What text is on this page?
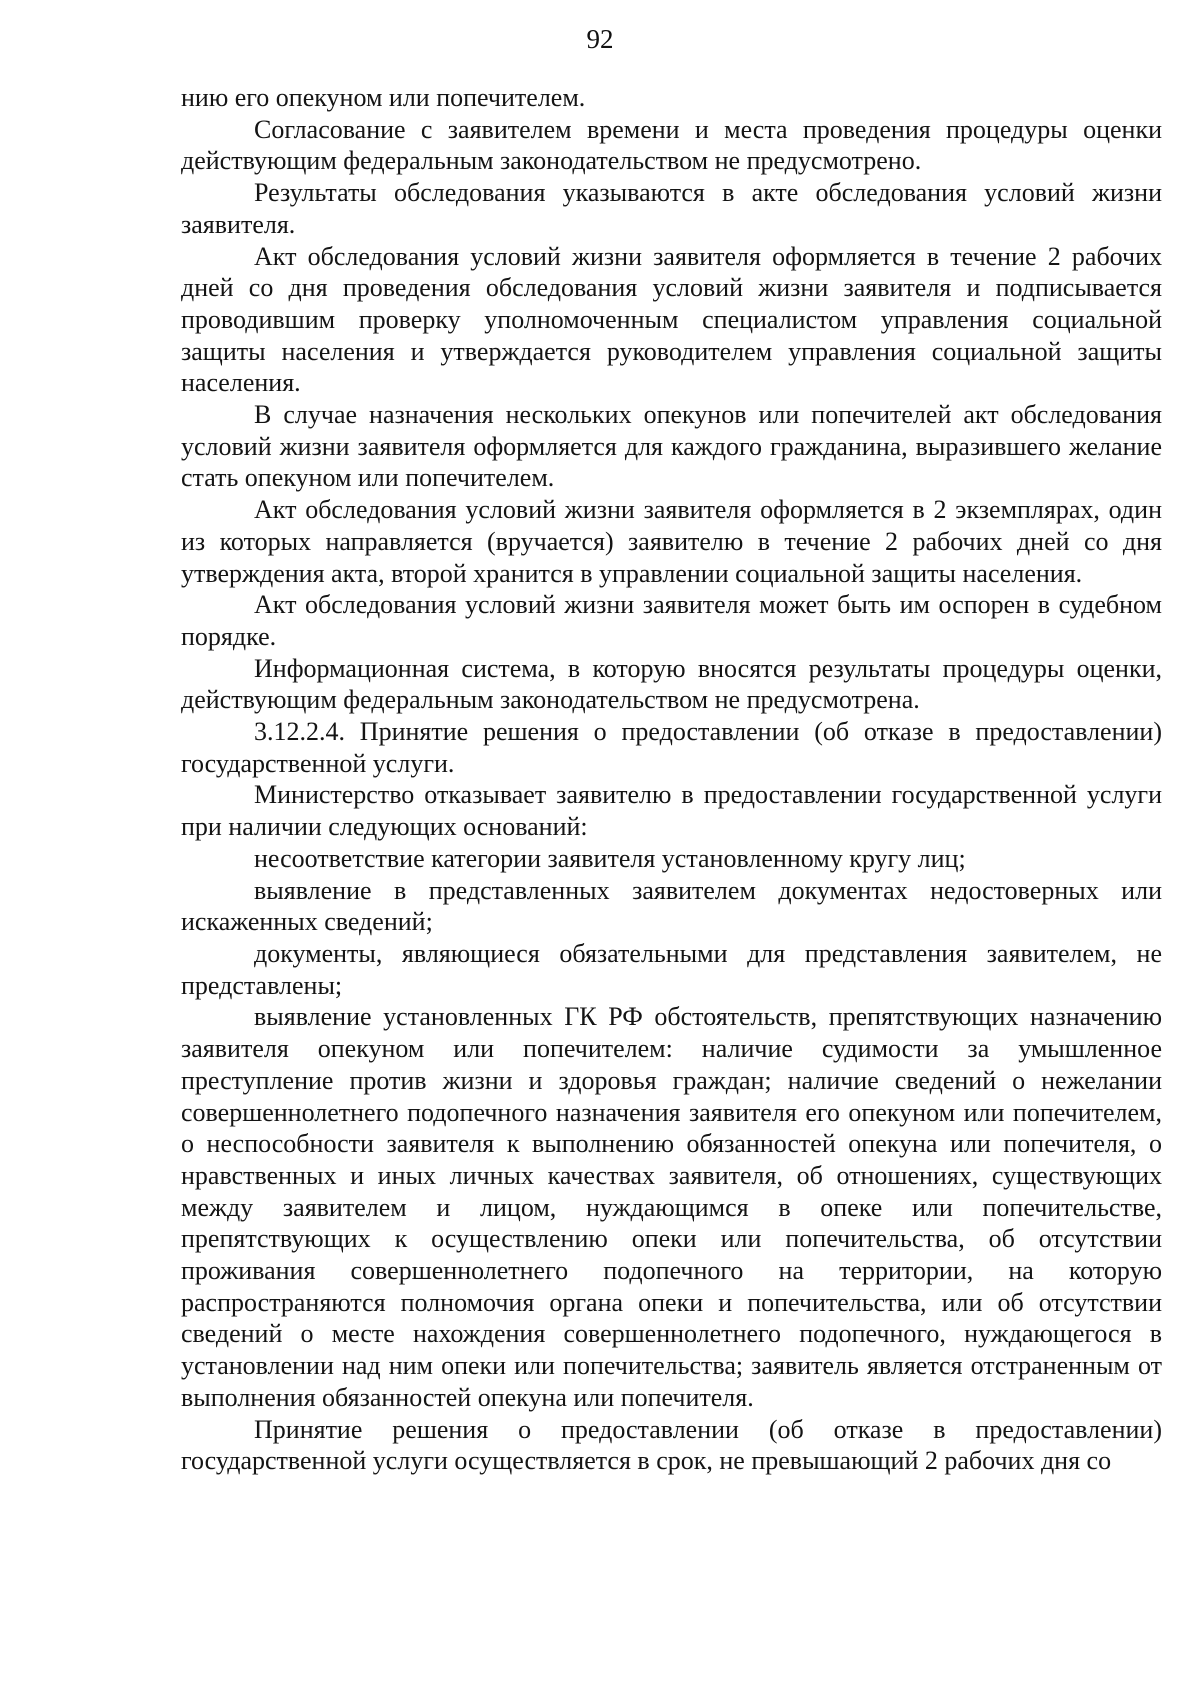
92

нию его опекуном или попечителем.

Согласование с заявителем времени и места проведения процедуры оценки действующим федеральным законодательством не предусмотрено.

Результаты обследования указываются в акте обследования условий жизни заявителя.

Акт обследования условий жизни заявителя оформляется в течение 2 рабочих дней со дня проведения обследования условий жизни заявителя и подписывается проводившим проверку уполномоченным специалистом управления социальной защиты населения и утверждается руководителем управления социальной защиты населения.

В случае назначения нескольких опекунов или попечителей акт обследования условий жизни заявителя оформляется для каждого гражданина, выразившего желание стать опекуном или попечителем.

Акт обследования условий жизни заявителя оформляется в 2 экземплярах, один из которых направляется (вручается) заявителю в течение 2 рабочих дней со дня утверждения акта, второй хранится в управлении социальной защиты населения.

Акт обследования условий жизни заявителя может быть им оспорен в судебном порядке.

Информационная система, в которую вносятся результаты процедуры оценки, действующим федеральным законодательством не предусмотрена.

3.12.2.4. Принятие решения о предоставлении (об отказе в предоставлении) государственной услуги.

Министерство отказывает заявителю в предоставлении государственной услуги при наличии следующих оснований:

несоответствие категории заявителя установленному кругу лиц;

выявление в представленных заявителем документах недостоверных или искаженных сведений;

документы, являющиеся обязательными для представления заявителем, не представлены;

выявление установленных ГК РФ обстоятельств, препятствующих назначению заявителя опекуном или попечителем: наличие судимости за умышленное преступление против жизни и здоровья граждан; наличие сведений о нежелании совершеннолетнего подопечного назначения заявителя его опекуном или попечителем, о неспособности заявителя к выполнению обязанностей опекуна или попечителя, о нравственных и иных личных качествах заявителя, об отношениях, существующих между заявителем и лицом, нуждающимся в опеке или попечительстве, препятствующих к осуществлению опеки или попечительства, об отсутствии проживания совершеннолетнего подопечного на территории, на которую распространяются полномочия органа опеки и попечительства, или об отсутствии сведений о месте нахождения совершеннолетнего подопечного, нуждающегося в установлении над ним опеки или попечительства; заявитель является отстраненным от выполнения обязанностей опекуна или попечителя.

Принятие решения о предоставлении (об отказе в предоставлении) государственной услуги осуществляется в срок, не превышающий 2 рабочих дня со
